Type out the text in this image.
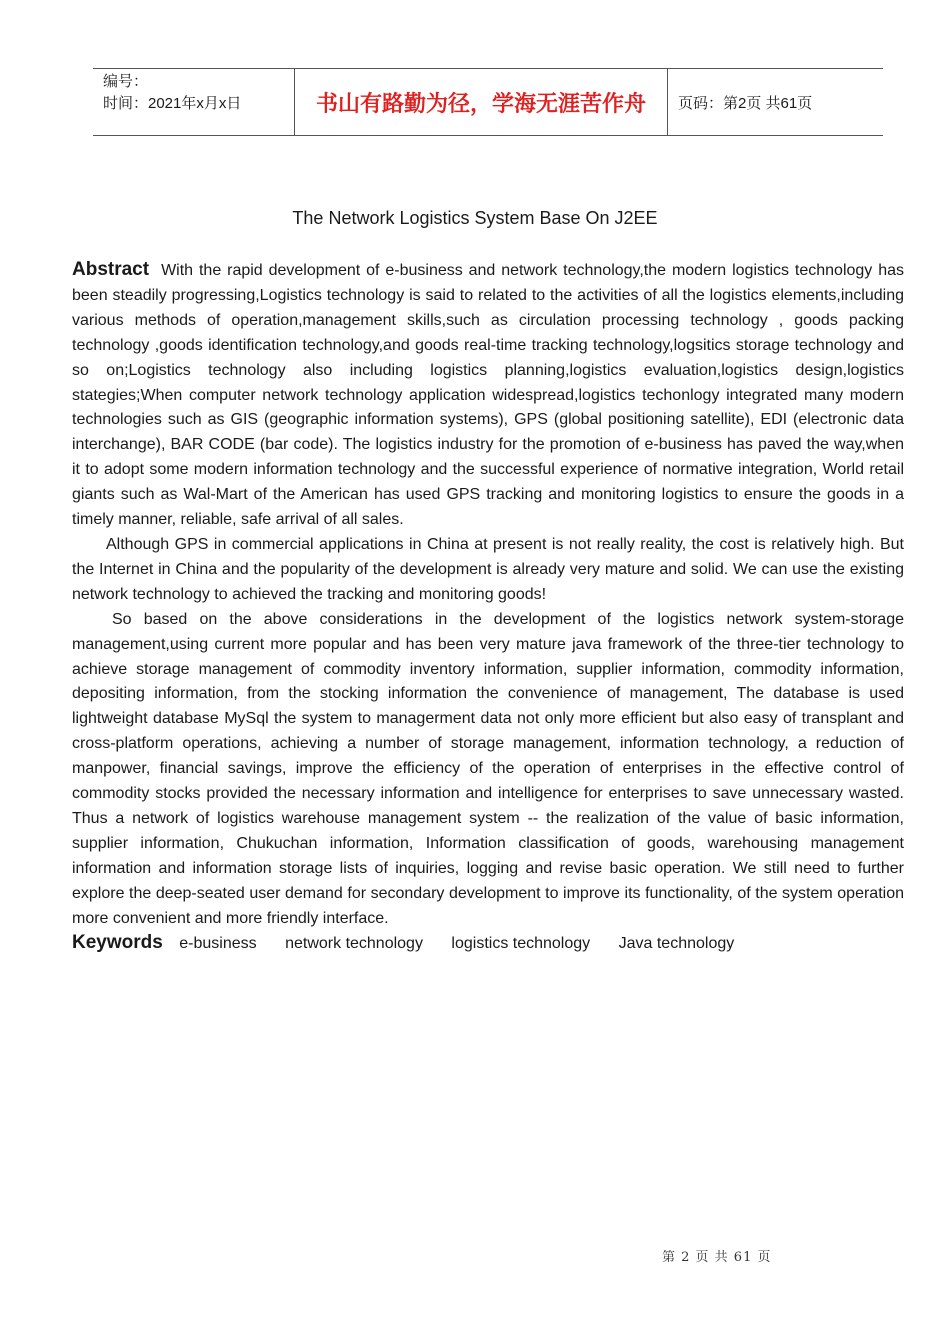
编号：
时间：2021年x月x日	书山有路勤为径，学海无涯苦作舟 页码：第2页 共61页
The Network Logistics System Base On J2EE

Abstract With the rapid development of e-business and network technology,the modern logistics technology has been steadily progressing,Logistics technology is said to related to the activities of all the logistics elements,including various methods of operation,management skills,such as circulation processing technology , goods packing technology ,goods identification technology,and goods real-time tracking technology,logsitics storage technology and so on;Logistics technology also including logistics planning,logistics evaluation,logistics design,logistics stategies;When computer network technology application widespread,logistics techonlogy integrated many modern technologies such as GIS (geographic information systems), GPS (global positioning satellite), EDI (electronic data interchange), BAR CODE (bar code). The logistics industry for the promotion of e-business has paved the way,when it to adopt some modern information technology and the successful experience of normative integration, World retail giants such as Wal-Mart of the American has used GPS tracking and monitoring logistics to ensure the goods in a timely manner, reliable, safe arrival of all sales.

Although GPS in commercial applications in China at present is not really reality, the cost is relatively high. But the Internet in China and the popularity of the development is already very mature and solid. We can use the existing network technology to achieved the tracking and monitoring goods!

So based on the above considerations in the development of the logistics network system-storage management,using current more popular and has been very mature java framework of the three-tier technology to achieve storage management of commodity inventory information, supplier information, commodity information, depositing information, from the stocking information the convenience of management, The database is used lightweight database MySql the system to managerment data not only more efficient but also easy of transplant and cross-platform operations, achieving a number of storage management, information technology, a reduction of manpower, financial savings, improve the efficiency of the operation of enterprises in the effective control of commodity stocks provided the necessary information and intelligence for enterprises to save unnecessary wasted. Thus a network of logistics warehouse management system -- the realization of the value of basic information, supplier information, Chukuchan information, Information classification of goods, warehousing management information and information storage lists of inquiries, logging and revise basic operation. We still need to further explore the deep-seated user demand for secondary development to improve its functionality, of the system operation more convenient and more friendly interface.

Keywords e-business network technology logistics technology Java technology

第 2 页 共 61 页
